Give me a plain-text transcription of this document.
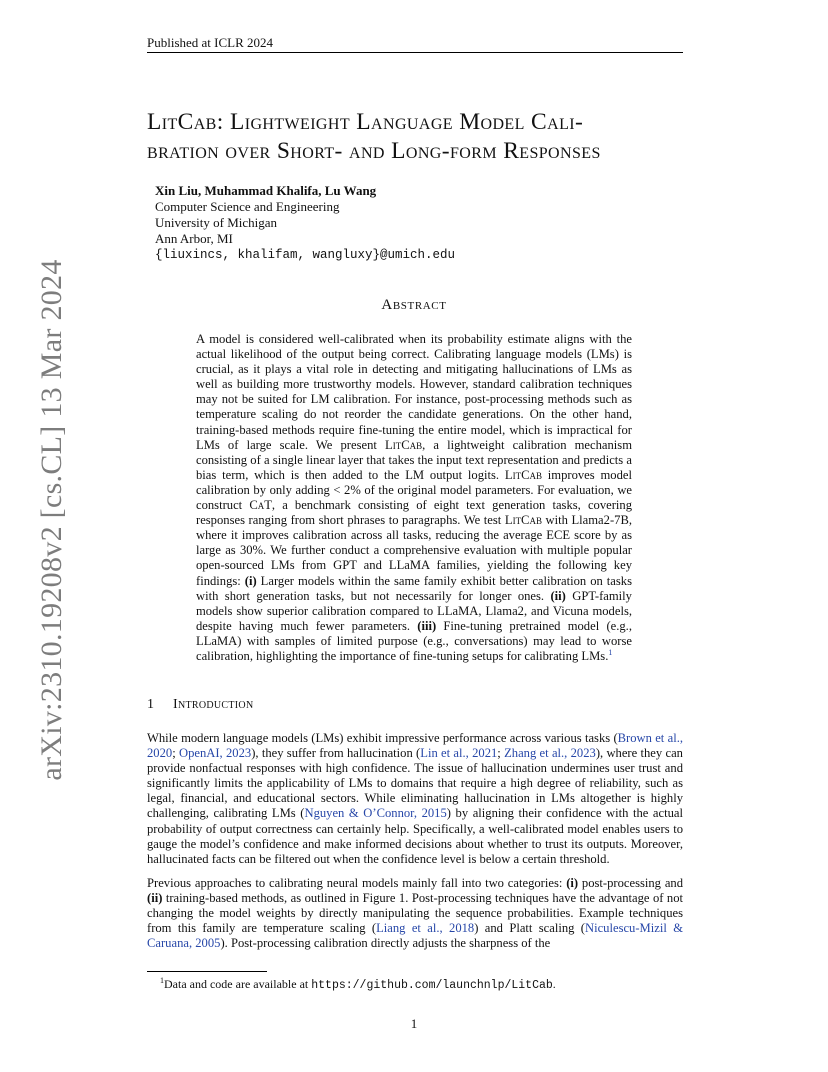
Published at ICLR 2024
arXiv:2310.19208v2 [cs.CL] 13 Mar 2024
LitCab: Lightweight Language Model Cali-
bration over Short- and Long-form Responses
Xin Liu, Muhammad Khalifa, Lu Wang
Computer Science and Engineering
University of Michigan
Ann Arbor, MI
{liuxincs, khalifam, wangluxy}@umich.edu
Abstract
A model is considered well-calibrated when its probability estimate aligns with the actual likelihood of the output being correct. Calibrating language models (LMs) is crucial, as it plays a vital role in detecting and mitigating hallucinations of LMs as well as building more trustworthy models. However, standard calibration techniques may not be suited for LM calibration. For instance, post-processing methods such as temperature scaling do not reorder the candidate generations. On the other hand, training-based methods require fine-tuning the entire model, which is impractical for LMs of large scale. We present LitCab, a lightweight calibration mechanism consisting of a single linear layer that takes the input text representation and predicts a bias term, which is then added to the LM output logits. LitCab improves model calibration by only adding < 2% of the original model parameters. For evaluation, we construct CaT, a benchmark consisting of eight text generation tasks, covering responses ranging from short phrases to paragraphs. We test LitCab with Llama2-7B, where it improves calibration across all tasks, reducing the average ECE score by as large as 30%. We further conduct a comprehensive evaluation with multiple popular open-sourced LMs from GPT and LLaMA families, yielding the following key findings: (i) Larger models within the same family exhibit better calibration on tasks with short generation tasks, but not necessarily for longer ones. (ii) GPT-family models show superior calibration compared to LLaMA, Llama2, and Vicuna models, despite having much fewer parameters. (iii) Fine-tuning pretrained model (e.g., LLaMA) with samples of limited purpose (e.g., conversations) may lead to worse calibration, highlighting the importance of fine-tuning setups for calibrating LMs.$^1$
1 Introduction

While modern language models (LMs) exhibit impressive performance across various tasks (Brown et al., 2020; OpenAI, 2023), they suffer from hallucination (Lin et al., 2021; Zhang et al., 2023), where they can provide nonfactual responses with high confidence. The issue of hallucination undermines user trust and significantly limits the applicability of LMs to domains that require a high degree of reliability, such as legal, financial, and educational sectors. While eliminating hallucination in LMs altogether is highly challenging, calibrating LMs (Nguyen & O’Connor, 2015) by aligning their confidence with the actual probability of output correctness can certainly help. Specifically, a well-calibrated model enables users to gauge the model’s confidence and make informed decisions about whether to trust its outputs. Moreover, hallucinated facts can be filtered out when the confidence level is below a certain threshold.

Previous approaches to calibrating neural models mainly fall into two categories: (i) post-processing and (ii) training-based methods, as outlined in Figure 1. Post-processing techniques have the advantage of not changing the model weights by directly manipulating the sequence probabilities. Example techniques from this family are temperature scaling (Liang et al., 2018) and Platt scaling (Niculescu-Mizil & Caruana, 2005). Post-processing calibration directly adjusts the sharpness of the

$^1$Data and code are available at https://github.com/launchnlp/LitCab.
1
